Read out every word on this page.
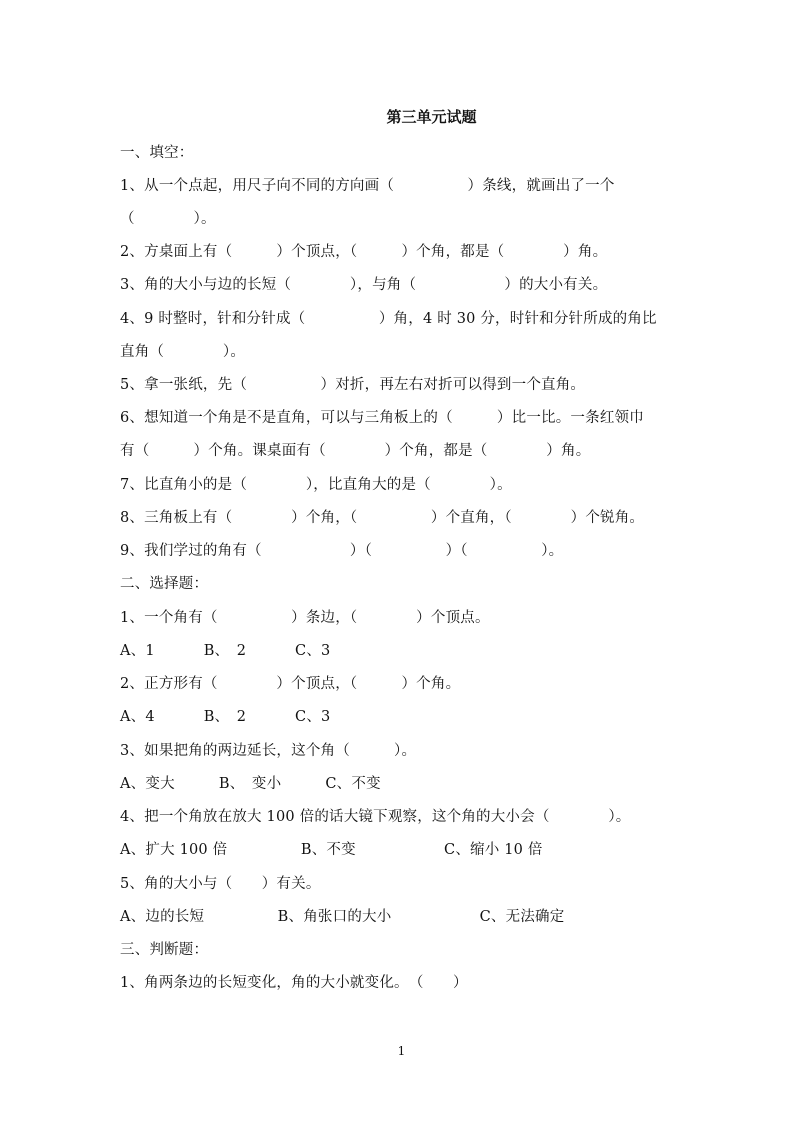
第三单元试题
一、填空：
1、从一个点起，用尺子向不同的方向画（　　　　　）条线，就画出了一个
（　　　　）。
2、方桌面上有（　　　）个顶点，（　　　）个角，都是（　　　　）角。
3、角的大小与边的长短（　　　　），与角（　　　　　　）的大小有关。
4、9 时整时，针和分针成（　　　　　）角，4 时 30 分，时针和分针所成的角比
直角（　　　　）。
5、拿一张纸，先（　　　　　）对折，再左右对折可以得到一个直角。
6、想知道一个角是不是直角，可以与三角板上的（　　　）比一比。一条红领巾
有（　　　）个角。课桌面有（　　　　）个角，都是（　　　　）角。
7、比直角小的是（　　　　），比直角大的是（　　　　）。
8、三角板上有（　　　　）个角，（　　　　　）个直角，（　　　　）个锐角。
9、我们学过的角有（　　　　　　）（　　　　　）（　　　　　）。
二、选择题：
1、一个角有（　　　　　）条边，（　　　　）个顶点。
A、1　　　 B、　2　　　 C、3
2、正方形有（　　　　）个顶点，（　　　）个角。
A、4　　　 B、　2　　　 C、3
3、如果把角的两边延长，这个角（　　　）。
A、变大　　　B、　变小　　　C、不变
4、把一个角放在放大 100 倍的话大镜下观察，这个角的大小会（　　　　）。
A、扩大 100 倍　　　　　B、不变　　　　　　C、缩小 10 倍
5、角的大小与（　　）有关。
A、边的长短　　　　　B、角张口的大小　　　　　　C、无法确定
三、判断题：
1、角两条边的长短变化，角的大小就变化。　（　　）
1
